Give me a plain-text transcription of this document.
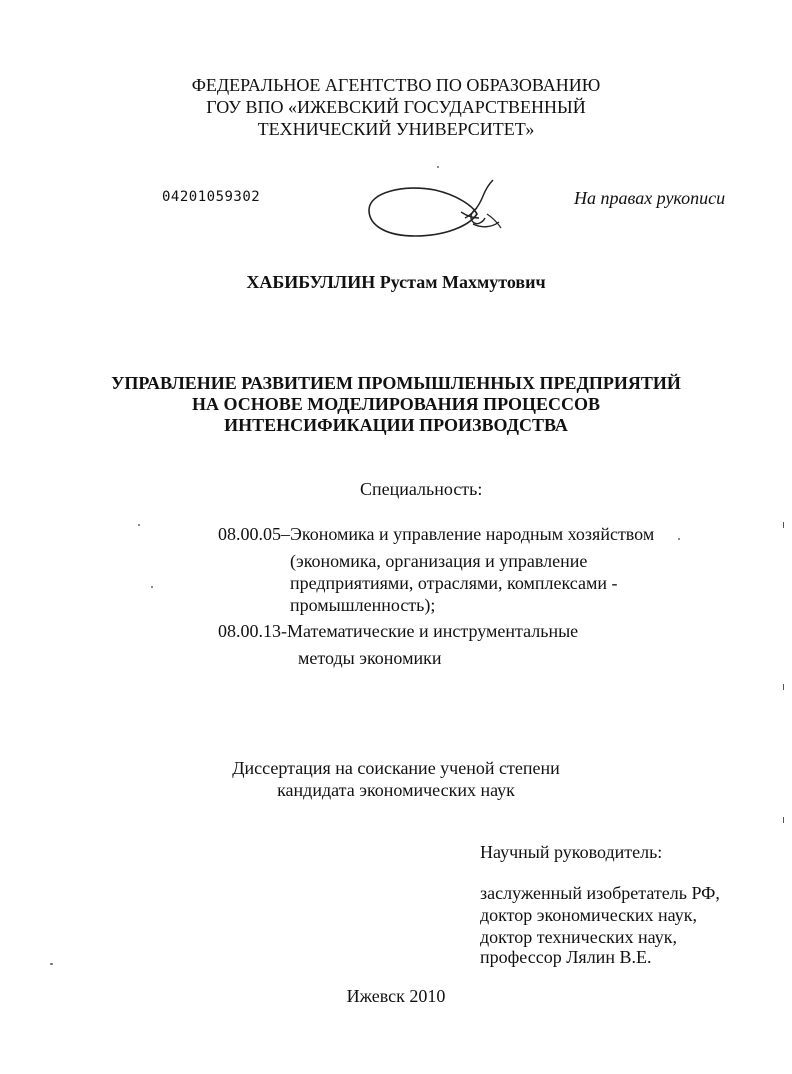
ФЕДЕРАЛЬНОЕ АГЕНТСТВО ПО ОБРАЗОВАНИЮ
ГОУ ВПО «ИЖЕВСКИЙ ГОСУДАРСТВЕННЫЙ
ТЕХНИЧЕСКИЙ УНИВЕРСИТЕТ»
04201059302	На правах рукописи
ХАБИБУЛЛИН Рустам Махмутович
УПРАВЛЕНИЕ РАЗВИТИЕМ ПРОМЫШЛЕННЫХ ПРЕДПРИЯТИЙ
НА ОСНОВЕ МОДЕЛИРОВАНИЯ ПРОЦЕССОВ
ИНТЕНСИФИКАЦИИ ПРОИЗВОДСТВА
Специальность:
08.00.05–Экономика и управление народным хозяйством
(экономика, организация и управление
предприятиями, отраслями, комплексами -
промышленность);
08.00.13-Математические и инструментальные
методы экономики
Диссертация на соискание ученой степени
кандидата экономических наук
Научный руководитель:
заслуженный изобретатель РФ,
доктор экономических наук,
доктор технических наук,
профессор Лялин В.Е.
Ижевск 2010
